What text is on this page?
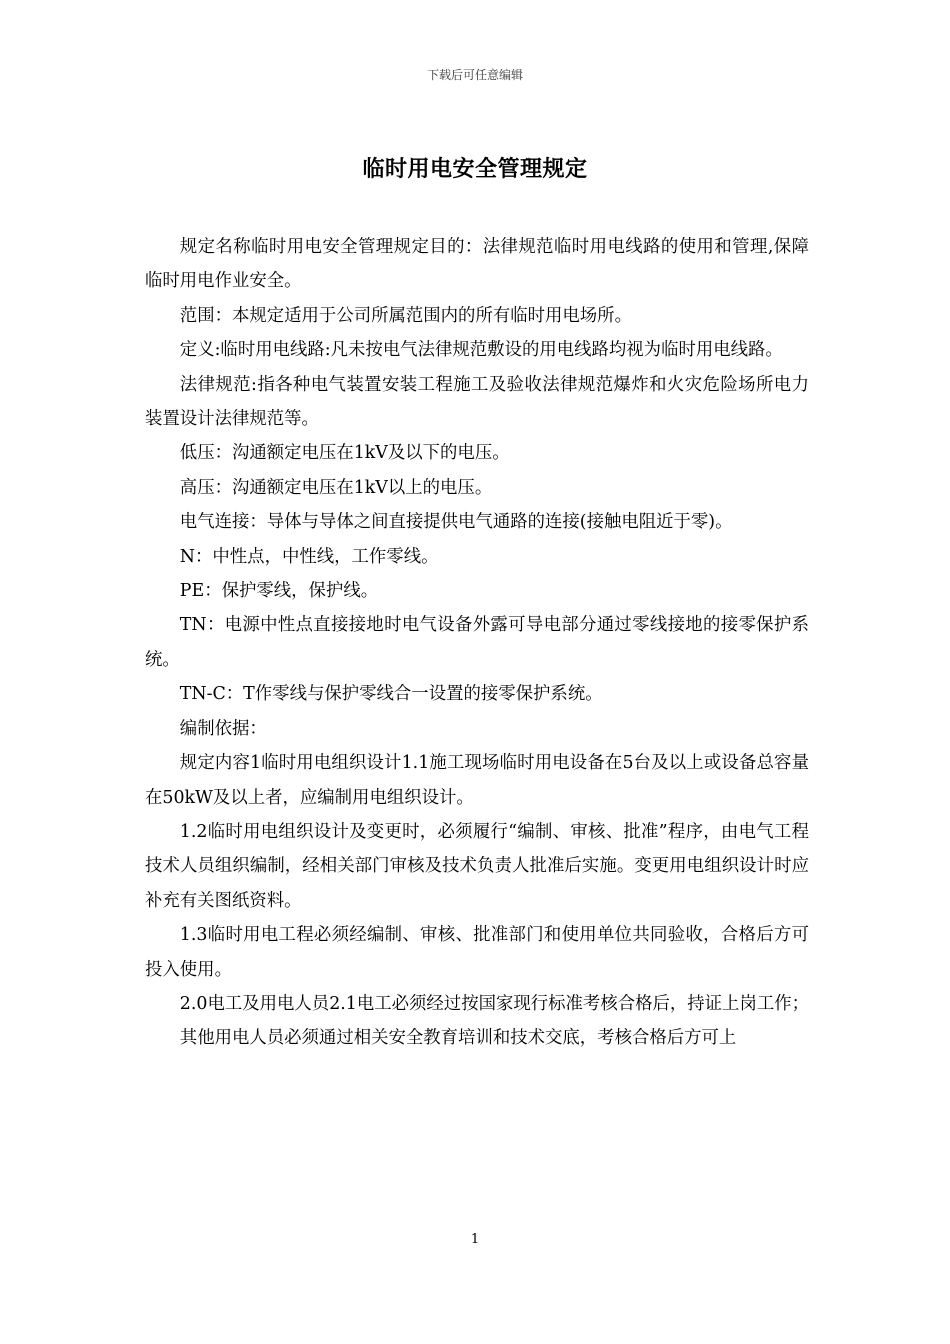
下载后可任意编辑
临时用电安全管理规定

规定名称临时用电安全管理规定目的：法律规范临时用电线路的使用和管理,保障临时用电作业安全。

范围：本规定适用于公司所属范围内的所有临时用电场所。

定义:临时用电线路:凡未按电气法律规范敷设的用电线路均视为临时用电线路。

法律规范:指各种电气装置安装工程施工及验收法律规范爆炸和火灾危险场所电力装置设计法律规范等。

低压：沟通额定电压在1kV及以下的电压。

高压：沟通额定电压在1kV以上的电压。

电气连接：导体与导体之间直接提供电气通路的连接(接触电阻近于零)。

N：中性点，中性线，工作零线。

PE：保护零线，保护线。

TN：电源中性点直接接地时电气设备外露可导电部分通过零线接地的接零保护系统。

TN-C：T作零线与保护零线合一设置的接零保护系统。

编制依据：

规定内容1临时用电组织设计1.1施工现场临时用电设备在5台及以上或设备总容量在50kW及以上者，应编制用电组织设计。

1.2临时用电组织设计及变更时，必须履行“编制、审核、批准”程序，由电气工程技术人员组织编制，经相关部门审核及技术负责人批准后实施。变更用电组织设计时应补充有关图纸资料。

1.3临时用电工程必须经编制、审核、批准部门和使用单位共同验收，合格后方可投入使用。

2.0电工及用电人员2.1电工必须经过按国家现行标准考核合格后，持证上岗工作；

其他用电人员必须通过相关安全教育培训和技术交底，考核合格后方可上

1
